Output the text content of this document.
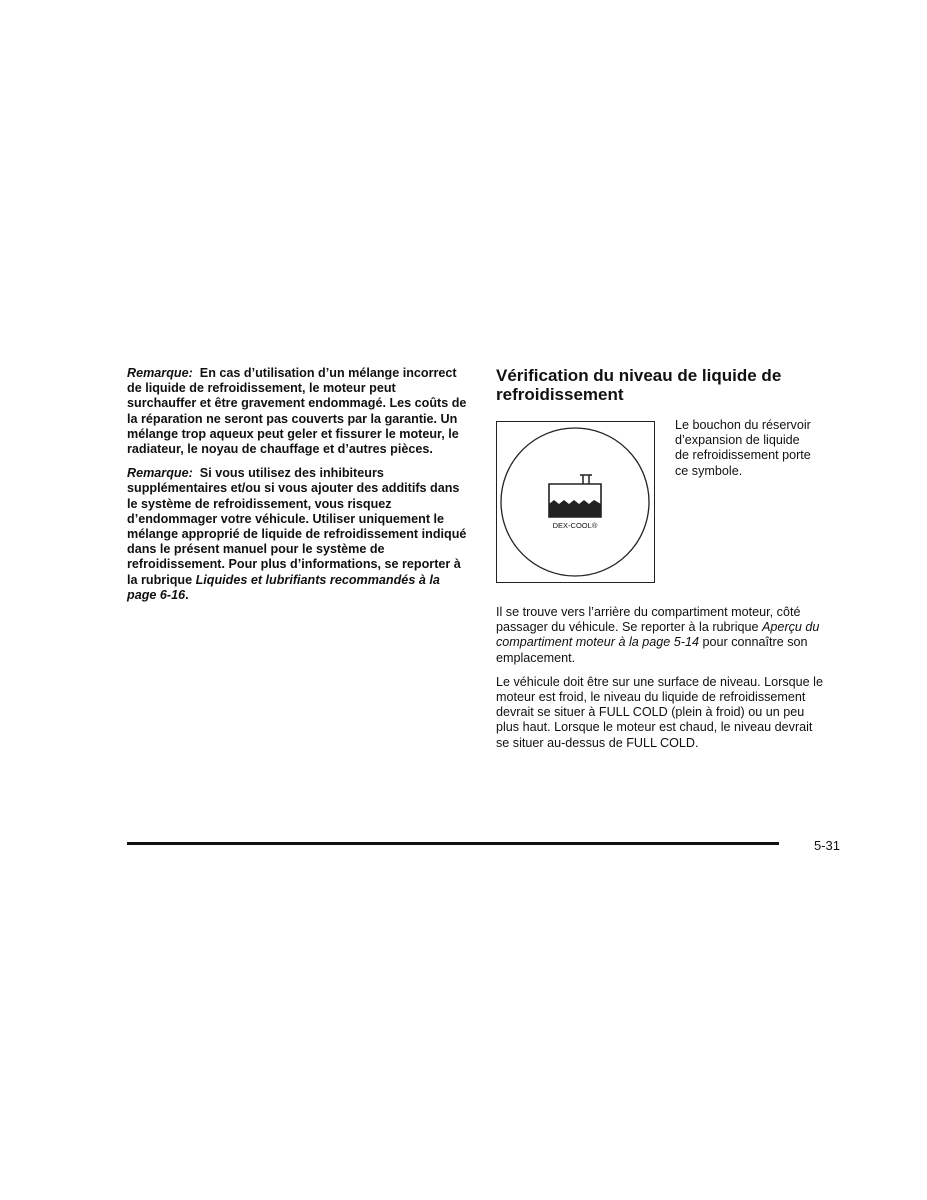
Remarque: En cas d’utilisation d’un mélange incorrect de liquide de refroidissement, le moteur peut surchauffer et être gravement endommagé. Les coûts de la réparation ne seront pas couverts par la garantie. Un mélange trop aqueux peut geler et fissurer le moteur, le radiateur, le noyau de chauffage et d’autres pièces.

Remarque: Si vous utilisez des inhibiteurs supplémentaires et/ou si vous ajouter des additifs dans le système de refroidissement, vous risquez d’endommager votre véhicule. Utiliser uniquement le mélange approprié de liquide de refroidissement indiqué dans le présent manuel pour le système de refroidissement. Pour plus d’informations, se reporter à la rubrique Liquides et lubrifiants recommandés à la page 6-16.

Vérification du niveau de liquide de refroidissement
DEX-COOL®
Le bouchon du réservoir d’expansion de liquide de refroidissement porte ce symbole.

Il se trouve vers l’arrière du compartiment moteur, côté passager du véhicule. Se reporter à la rubrique Aperçu du compartiment moteur à la page 5-14 pour connaître son emplacement.

Le véhicule doit être sur une surface de niveau. Lorsque le moteur est froid, le niveau du liquide de refroidissement devrait se situer à FULL COLD (plein à froid) ou un peu plus haut. Lorsque le moteur est chaud, le niveau devrait se situer au-dessus de FULL COLD.

5-31
